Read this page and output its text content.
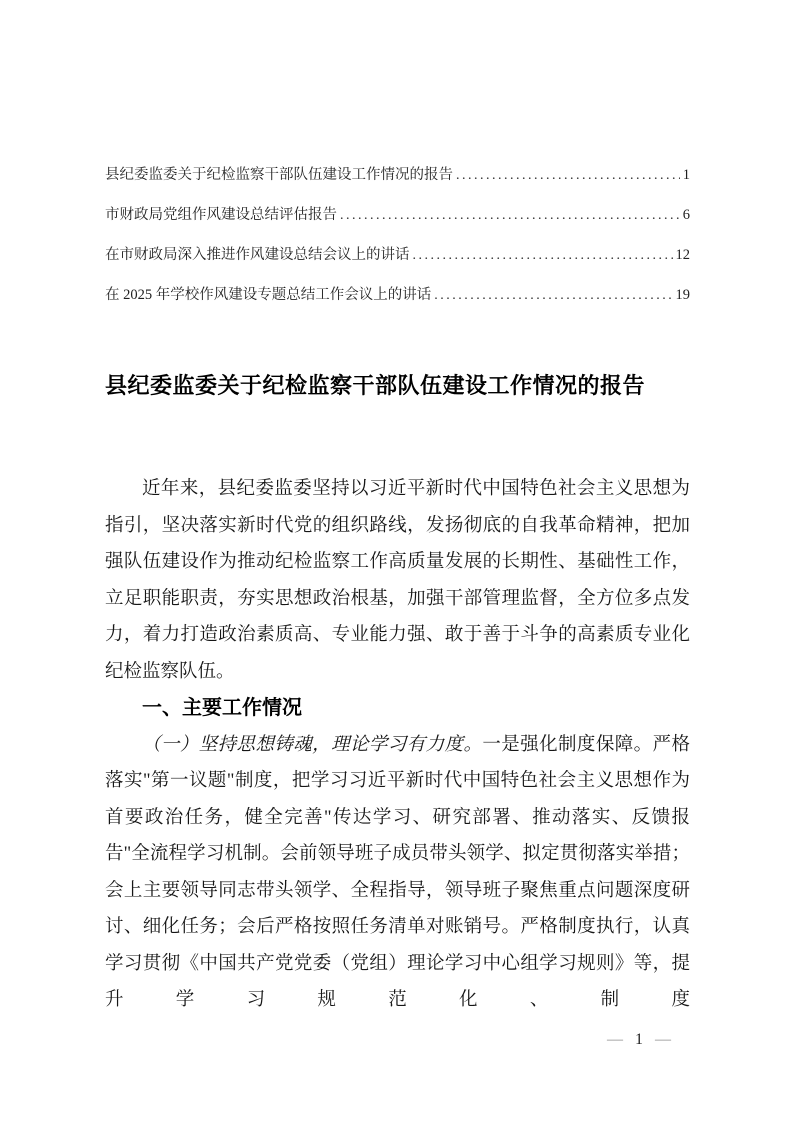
县纪委监委关于纪检监察干部队伍建设工作情况的报告 .....	1
市财政局党组作风建设总结评估报告 .....	6
在市财政局深入推进作风建设总结会议上的讲话 .....	12
在 2025 年学校作风建设专题总结工作会议上的讲话 .....	19
县纪委监委关于纪检监察干部队伍建设工作情况的报告

近年来，县纪委监委坚持以习近平新时代中国特色社会主义思想为指引，坚决落实新时代党的组织路线，发扬彻底的自我革命精神，把加强队伍建设作为推动纪检监察工作高质量发展的长期性、基础性工作，立足职能职责，夯实思想政治根基，加强干部管理监督，全方位多点发力，着力打造政治素质高、专业能力强、敢于善于斗争的高素质专业化纪检监察队伍。

一、主要工作情况

（一）坚持思想铸魂，理论学习有力度。一是强化制度保障。严格落实"第一议题"制度，把学习习近平新时代中国特色社会主义思想作为首要政治任务，健全完善"传达学习、研究部署、推动落实、反馈报告"全流程学习机制。会前领导班子成员带头领学、拟定贯彻落实举措；会上主要领导同志带头领学、全程指导，领导班子聚焦重点问题深度研讨、细化任务；会后严格按照任务清单对账销号。严格制度执行，认真学习贯彻《中国共产党党委（党组）理论学习中心组学习规则》等，提升学习规范化、制度

— 1 —
